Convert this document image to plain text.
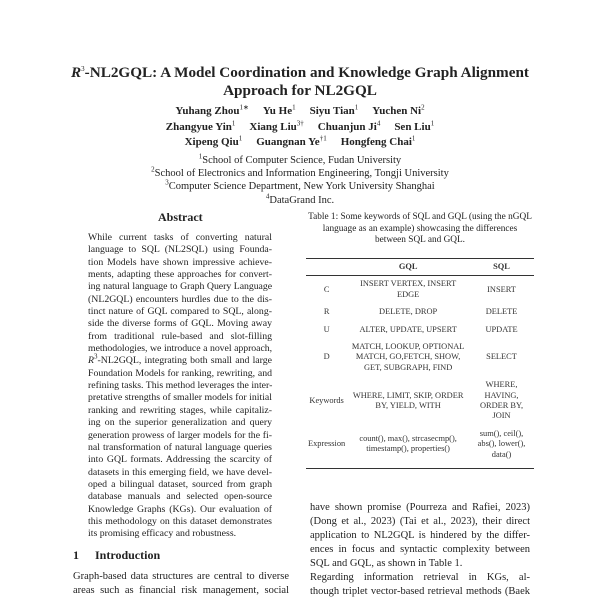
$R^3-NL2GQL$: A Model Coordination and Knowledge Graph Alignment
Approach for NL2GQL
Yuhang Zhou$^{1∗}$ Yu He$^1$ Siyu Tian$^1$ Yuchen Ni$^2$
Zhangyue Yin$^1$ Xiang Liu$^{3\dagger}$ Chuanjun Ji$^4$ Sen Liu$^1$
Xipeng Qiu$^1$ Guangnan Ye$^{\dagger 1}$ Hongfeng Chai$^1$
$^1$School of Computer Science, Fudan University
$^2$School of Electronics and Information Engineering, Tongji University
$^3$Computer Science Department, New York University Shanghai
$^4$DataGrand Inc.
Abstract
While current tasks of converting natural
language to SQL (NL2SQL) using Founda-
tion Models have shown impressive achieve-
ments, adapting these approaches for convert-
ing natural language to Graph Query Language
(NL2GQL) encounters hurdles due to the dis-
tinct nature of GQL compared to SQL, along-
side the diverse forms of GQL. Moving away
from traditional rule-based and slot-filling
methodologies, we introduce a novel approach,
$R^3-NL2GQL$, integrating both small and large
Foundation Models for ranking, rewriting, and
refining tasks. This method leverages the inter-
pretative strengths of smaller models for initial
ranking and rewriting stages, while capitaliz-
ing on the superior generalization and query
generation prowess of larger models for the fi-
nal transformation of natural language queries
into GQL formats. Addressing the scarcity of
datasets in this emerging field, we have devel-
oped a bilingual dataset, sourced from graph
database manuals and selected open-source
Knowledge Graphs (KGs). Our evaluation of
this methodology on this dataset demonstrates
its promising efficacy and robustness.
1 Introduction
Graph-based data structures are central to diverse
areas such as financial risk management, social
Table 1: Some keywords of SQL and GQL (using the nGQL language as an example) showcasing the differences between SQL and GQL.
	GQL	SQL
C	INSERT VERTEX, INSERT EDGE	INSERT
R	DELETE, DROP	DELETE
U	ALTER, UPDATE, UPSERT	UPDATE
D	MATCH, LOOKUP, OPTIONAL MATCH, GO,FETCH, SHOW, GET, SUBGRAPH, FIND	SELECT
Keywords	WHERE, LIMIT, SKIP, ORDER BY, YIELD, WITH	WHERE, HAVING, ORDER BY, JOIN
Expression	count(), max(), strcasecmp(), timestamp(), properties()	sum(), ceil(), abs(), lower(), data()
have shown promise (Pourreza and Rafiei, 2023)
(Dong et al., 2023) (Tai et al., 2023), their direct
application to NL2GQL is hindered by the differ-
ences in focus and syntactic complexity between
SQL and GQL, as shown in Table 1.
Regarding information retrieval in KGs, al-
though triplet vector-based retrieval methods (Baek
